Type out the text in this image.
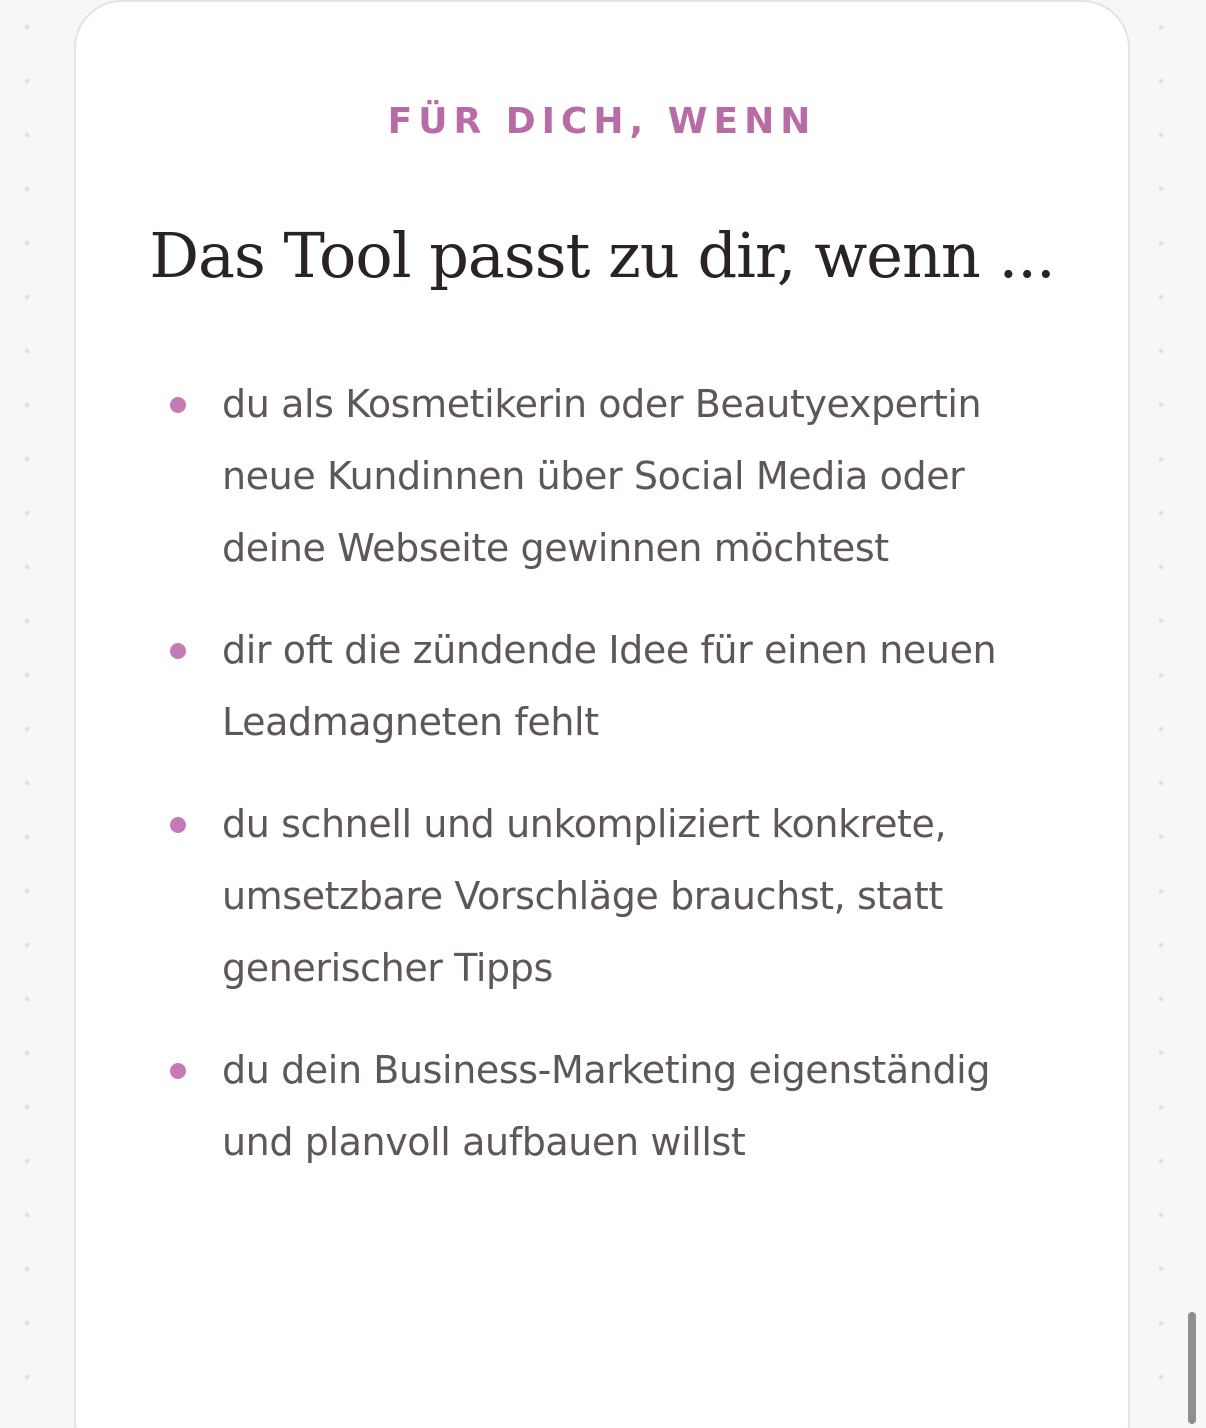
FÜR DICH, WENN
Das Tool passt zu dir, wenn ...
du als Kosmetikerin oder Beautyexpertin neue Kundinnen über Social Media oder deine Webseite gewinnen möchtest
dir oft die zündende Idee für einen neuen Leadmagneten fehlt
du schnell und unkompliziert konkrete, umsetzbare Vorschläge brauchst, statt generischer Tipps
du dein Business-Marketing eigenständig und planvoll aufbauen willst
